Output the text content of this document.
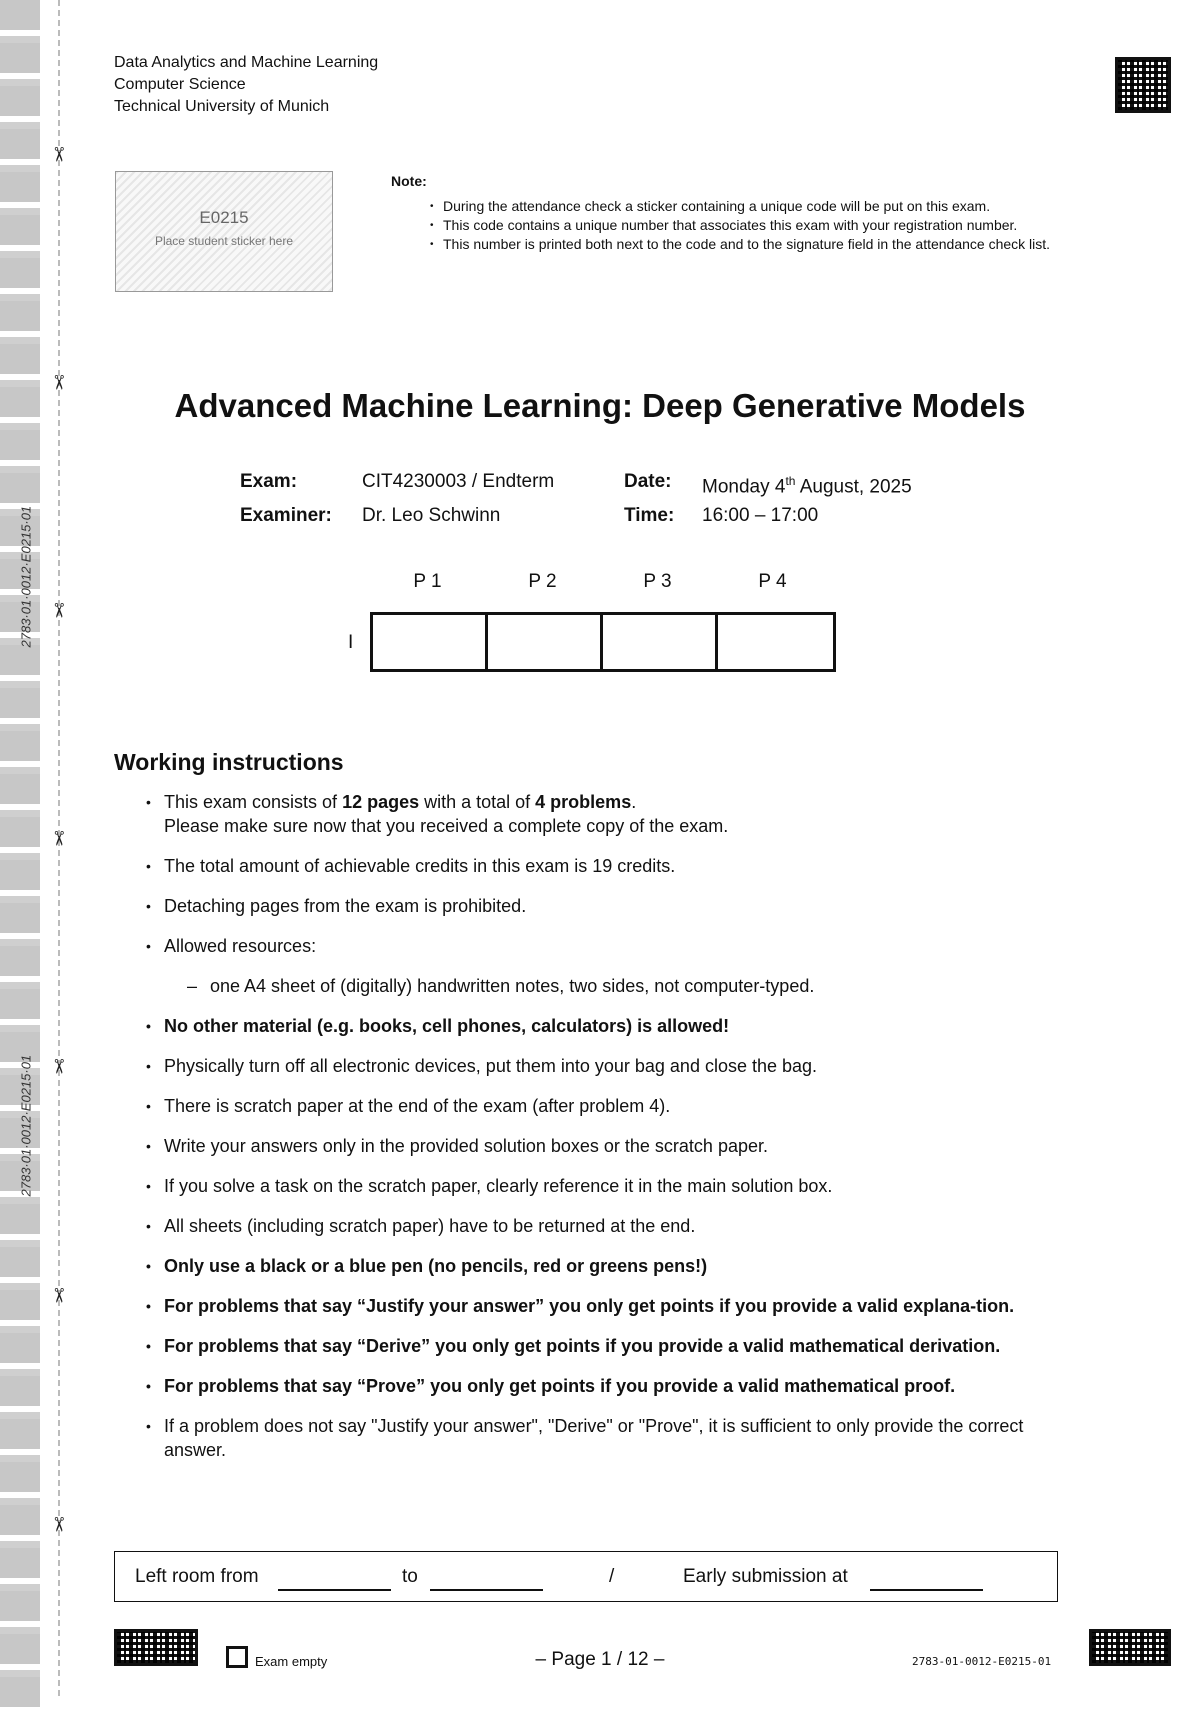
✂
✂
✂
✂
✂
✂
✂
2783·01·0012·E0215·01
2783·01·0012·E0215·01
Data Analytics and Machine Learning
Computer Science
Technical University of Munich
E0215
Place student sticker here
Note:
• During the attendance check a sticker containing a unique code will be put on this exam.
• This code contains a unique number that associates this exam with your registration number.
• This number is printed both next to the code and to the signature field in the attendance check list.
Advanced Machine Learning: Deep Generative Models
Exam:	CIT4230003 / Endterm	Date:	Monday 4th August, 2025
Examiner:	Dr. Leo Schwinn	Time:	16:00 – 17:00
P 1	P 2	P 3	P 4
I
Working instructions
• This exam consists of 12 pages with a total of 4 problems.
Please make sure now that you received a complete copy of the exam.
• The total amount of achievable credits in this exam is 19 credits.
• Detaching pages from the exam is prohibited.
• Allowed resources:
– one A4 sheet of (digitally) handwritten notes, two sides, not computer-typed.
• No other material (e.g. books, cell phones, calculators) is allowed!
• Physically turn off all electronic devices, put them into your bag and close the bag.
• There is scratch paper at the end of the exam (after problem 4).
• Write your answers only in the provided solution boxes or the scratch paper.
• If you solve a task on the scratch paper, clearly reference it in the main solution box.
• All sheets (including scratch paper) have to be returned at the end.
• Only use a black or a blue pen (no pencils, red or greens pens!)
• For problems that say “Justify your answer” you only get points if you provide a valid explana-tion.
• For problems that say “Derive” you only get points if you provide a valid mathematical derivation.
• For problems that say “Prove” you only get points if you provide a valid mathematical proof.
• If a problem does not say "Justify your answer", "Derive" or "Prove", it is sufficient to only provide the correct answer.
Left room from	to	/	Early submission at
Exam empty	– Page 1 / 12 –	2783-01-0012-E0215-01
